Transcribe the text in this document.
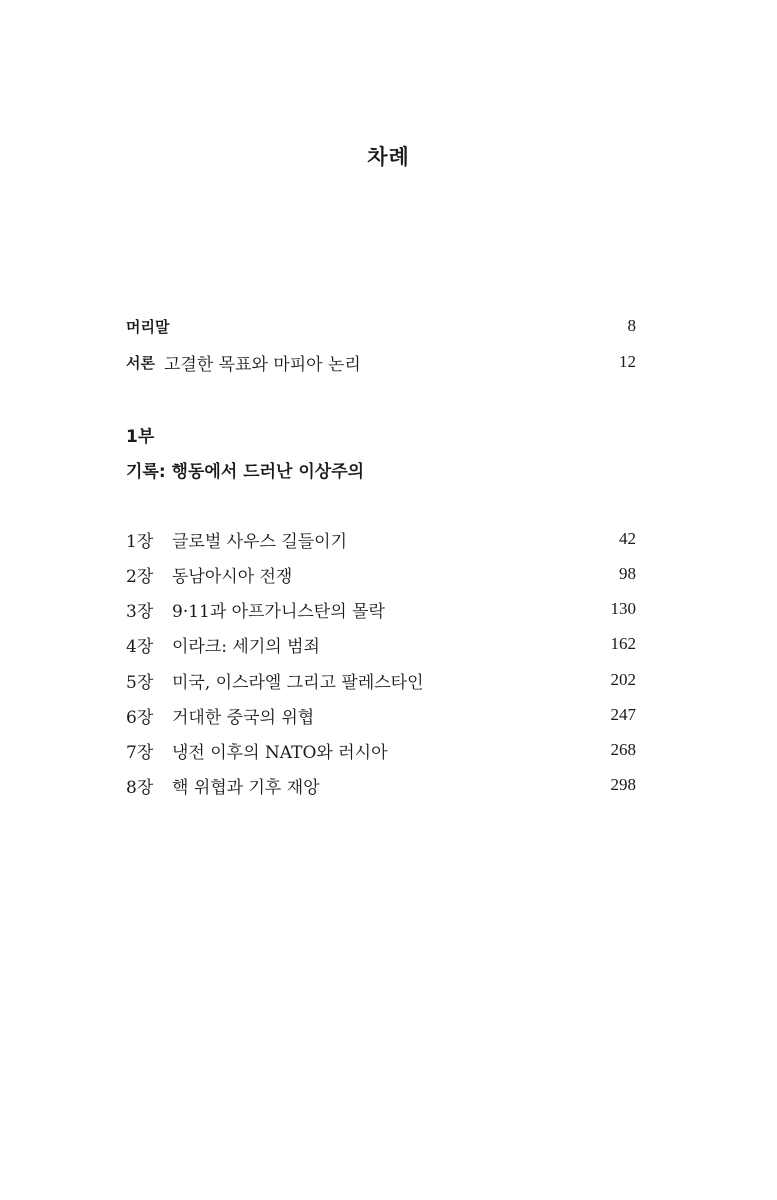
차례
머리말	8
서론 고결한 목표와 마피아 논리	12
1부
기록: 행동에서 드러난 이상주의
1장	글로벌 사우스 길들이기	42
2장	동남아시아 전쟁	98
3장	9·11과 아프가니스탄의 몰락	130
4장	이라크: 세기의 범죄	162
5장	미국, 이스라엘 그리고 팔레스타인	202
6장	거대한 중국의 위협	247
7장	냉전 이후의 NATO와 러시아	268
8장	핵 위협과 기후 재앙	298
